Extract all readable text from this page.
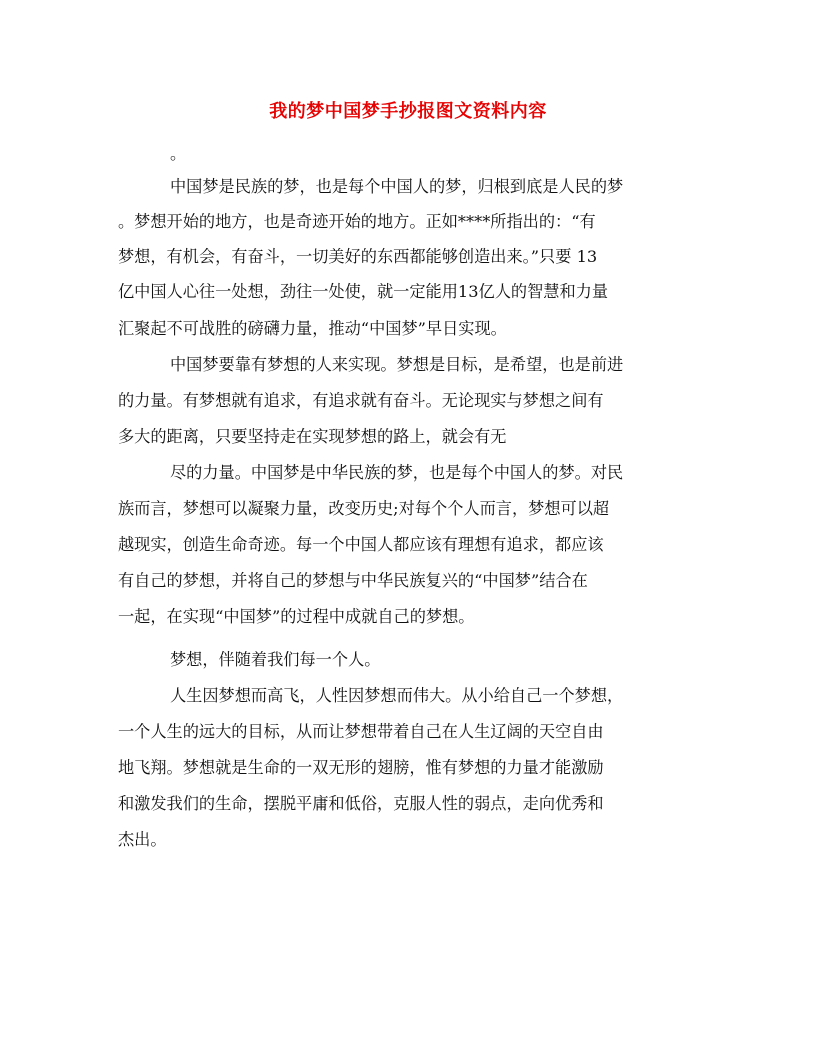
我的梦中国梦手抄报图文资料内容
。
中国梦是民族的梦，也是每个中国人的梦，归根到底是人民的梦
。梦想开始的地方，也是奇迹开始的地方。正如****所指出的：“有
梦想，有机会，有奋斗，一切美好的东西都能够创造出来。”只要 13
亿中国人心往一处想，劲往一处使，就一定能用13亿人的智慧和力量
汇聚起不可战胜的磅礴力量，推动“中国梦”早日实现。
中国梦要靠有梦想的人来实现。梦想是目标，是希望，也是前进
的力量。有梦想就有追求，有追求就有奋斗。无论现实与梦想之间有
多大的距离，只要坚持走在实现梦想的路上，就会有无
尽的力量。中国梦是中华民族的梦，也是每个中国人的梦。对民
族而言，梦想可以凝聚力量，改变历史;对每个个人而言，梦想可以超
越现实，创造生命奇迹。每一个中国人都应该有理想有追求，都应该
有自己的梦想，并将自己的梦想与中华民族复兴的“中国梦”结合在
一起，在实现“中国梦”的过程中成就自己的梦想。
梦想，伴随着我们每一个人。
人生因梦想而高飞，人性因梦想而伟大。从小给自己一个梦想，
一个人生的远大的目标，从而让梦想带着自己在人生辽阔的天空自由
地飞翔。梦想就是生命的一双无形的翅膀，惟有梦想的力量才能激励
和激发我们的生命，摆脱平庸和低俗，克服人性的弱点，走向优秀和
杰出。
